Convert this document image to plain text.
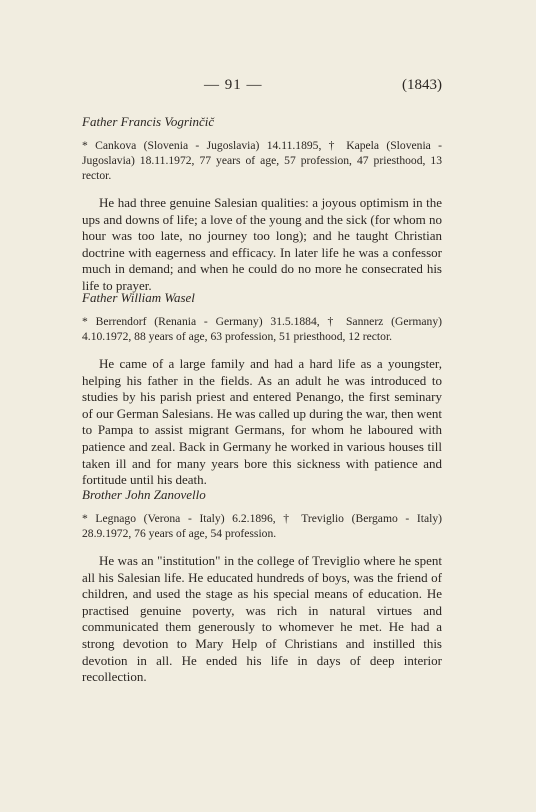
— 91 —	(1843)

Father Francis Vogrinčič

* Cankova (Slovenia - Jugoslavia) 14.11.1895, † Kapela (Slovenia - Jugoslavia) 18.11.1972, 77 years of age, 57 profession, 47 priesthood, 13 rector.

He had three genuine Salesian qualities: a joyous optimism in the ups and downs of life; a love of the young and the sick (for whom no hour was too late, no journey too long); and he taught Christian doctrine with eagerness and efficacy. In later life he was a confessor much in demand; and when he could do no more he consecrated his life to prayer.

Father William Wasel

* Berrendorf (Renania - Germany) 31.5.1884, † Sannerz (Germany) 4.10.1972, 88 years of age, 63 profession, 51 priesthood, 12 rector.

He came of a large family and had a hard life as a youngster, helping his father in the fields. As an adult he was introduced to studies by his parish priest and entered Penango, the first seminary of our German Salesians. He was called up during the war, then went to Pampa to assist migrant Germans, for whom he laboured with patience and zeal. Back in Germany he worked in various houses till taken ill and for many years bore this sickness with patience and fortitude until his death.

Brother John Zanovello

* Legnago (Verona - Italy) 6.2.1896, † Treviglio (Bergamo - Italy) 28.9.1972, 76 years of age, 54 profession.

He was an "institution" in the college of Treviglio where he spent all his Salesian life. He educated hundreds of boys, was the friend of children, and used the stage as his special means of education. He practised genuine poverty, was rich in natural virtues and communicated them generously to whomever he met. He had a strong devotion to Mary Help of Christians and instilled this devotion in all. He ended his life in days of deep interior recollection.
